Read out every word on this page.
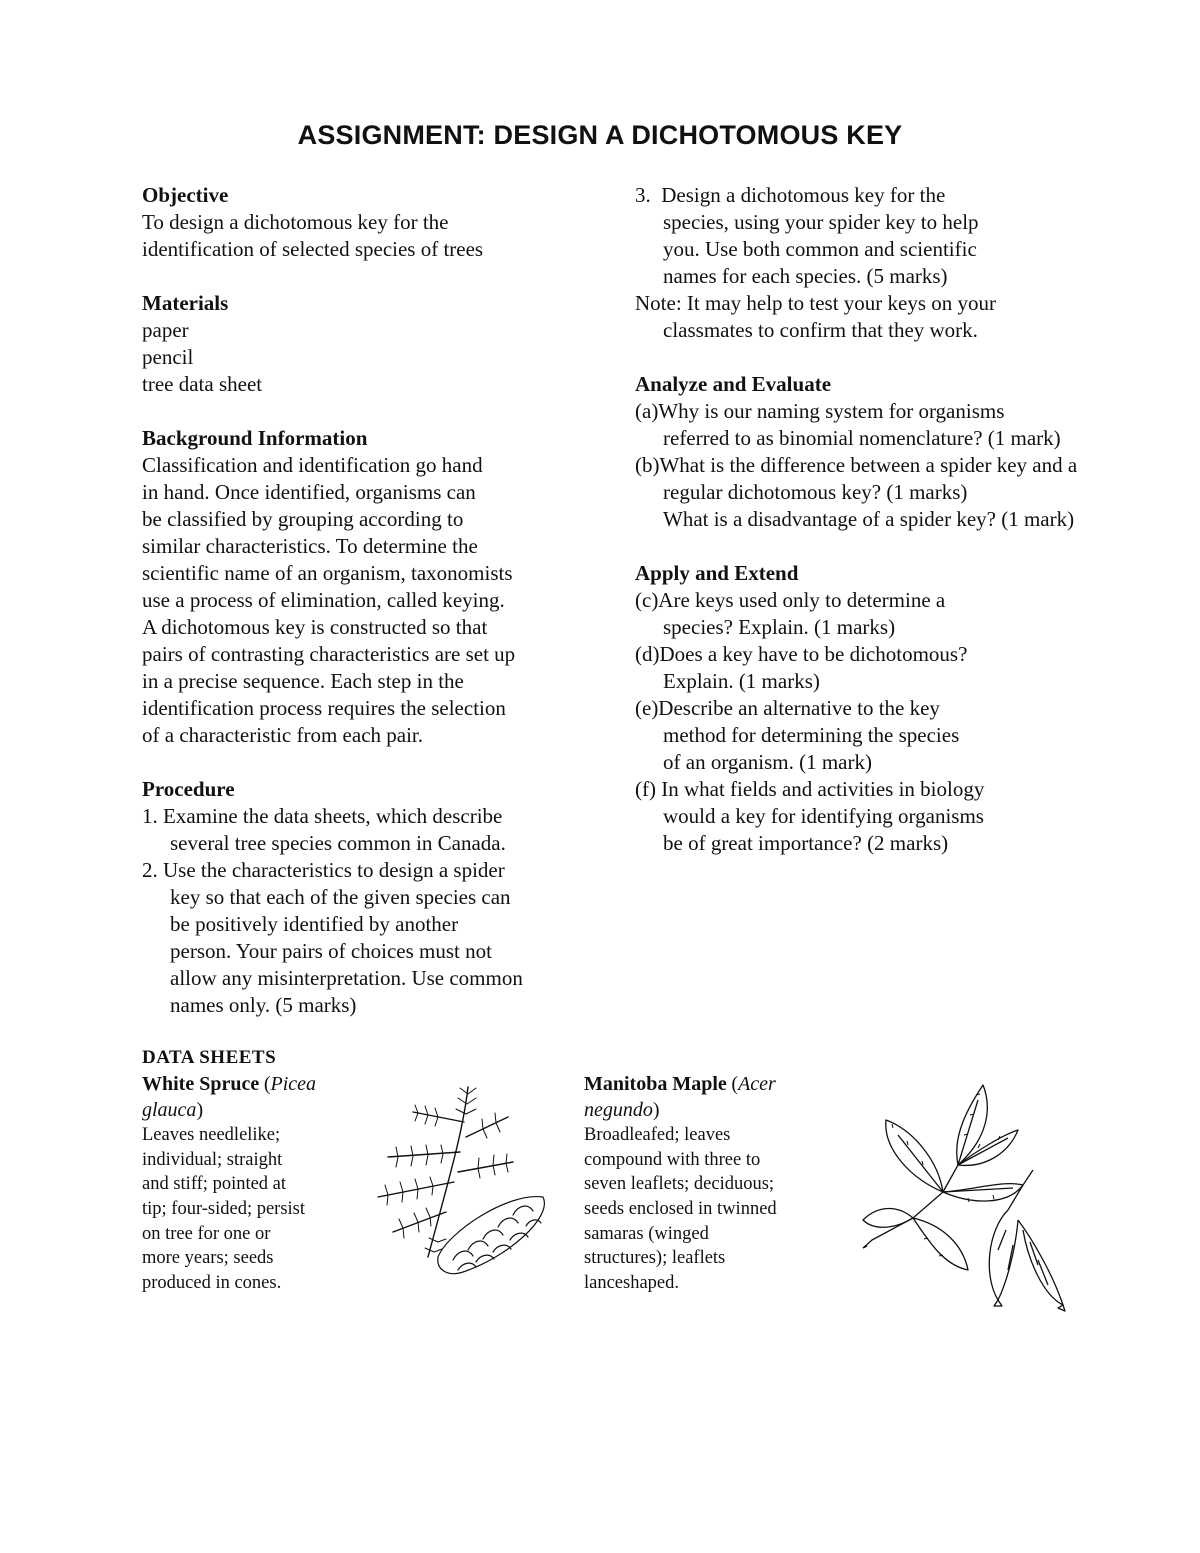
ASSIGNMENT: DESIGN A DICHOTOMOUS KEY
Objective
To design a dichotomous key for the
identification of selected species of trees
Materials
paper
pencil
tree data sheet
Background Information
Classification and identification go hand
in hand. Once identified, organisms can
be classified by grouping according to
similar characteristics. To determine the
scientific name of an organism, taxonomists
use a process of elimination, called keying.
A dichotomous key is constructed so that
pairs of contrasting characteristics are set up
in a precise sequence. Each step in the
identification process requires the selection
of a characteristic from each pair.
Procedure
1. Examine the data sheets, which describe
several tree species common in Canada.
2. Use the characteristics to design a spider
key so that each of the given species can
be positively identified by another
person. Your pairs of choices must not
allow any misinterpretation. Use common
names only. (5 marks)
3. Design a dichotomous key for the
species, using your spider key to help
you. Use both common and scientific
names for each species. (5 marks)
Note: It may help to test your keys on your
classmates to confirm that they work.
Analyze and Evaluate
(a)Why is our naming system for organisms
referred to as binomial nomenclature? (1 mark)
(b)What is the difference between a spider key and a
regular dichotomous key? (1 marks)
What is a disadvantage of a spider key? (1 mark)
Apply and Extend
(c)Are keys used only to determine a
species? Explain. (1 marks)
(d)Does a key have to be dichotomous?
Explain. (1 marks)
(e)Describe an alternative to the key
method for determining the species
of an organism. (1 mark)
(f) In what fields and activities in biology
would a key for identifying organisms
be of great importance? (2 marks)
DATA SHEETS
White Spruce (Picea
glauca)
Leaves needlelike;
individual; straight
and stiff; pointed at
tip; four-sided; persist
on tree for one or
more years; seeds
produced in cones.
Manitoba Maple (Acer
negundo)
Broadleafed; leaves
compound with three to
seven leaflets; deciduous;
seeds enclosed in twinned
samaras (winged
structures); leaflets
lanceshaped.
